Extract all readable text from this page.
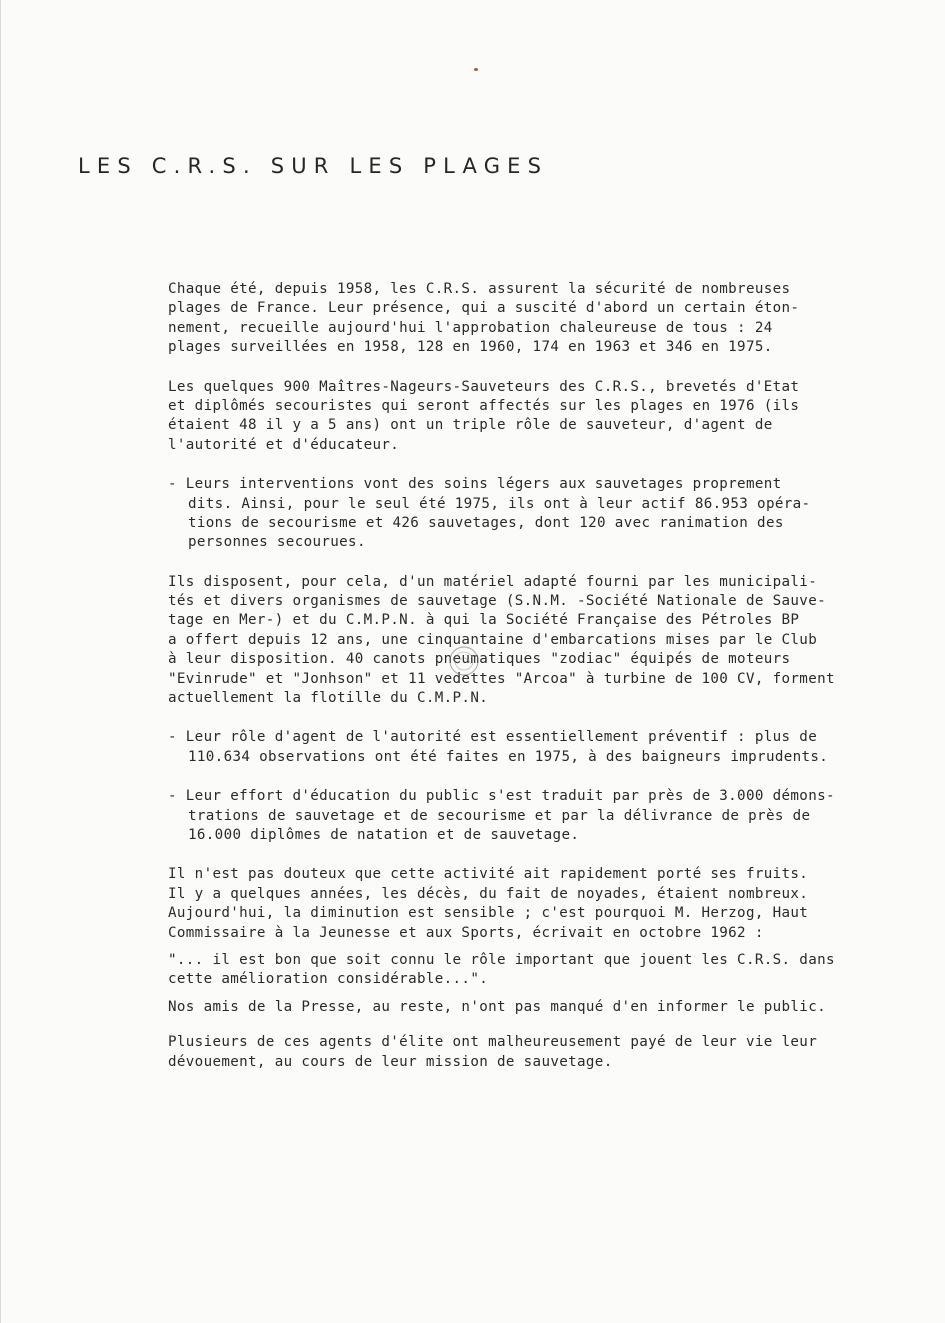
LES C.R.S. SUR LES PLAGES
Chaque été, depuis 1958, les C.R.S. assurent la sécurité de nombreuses
plages de France. Leur présence, qui a suscité d'abord un certain éton-
nement, recueille aujourd'hui l'approbation chaleureuse de tous : 24
plages surveillées en 1958, 128 en 1960, 174 en 1963 et 346 en 1975.
Les quelques 900 Maîtres-Nageurs-Sauveteurs des C.R.S., brevetés d'Etat
et diplômés secouristes qui seront affectés sur les plages en 1976 (ils
étaient 48 il y a 5 ans) ont un triple rôle de sauveteur, d'agent de
l'autorité et d'éducateur.
- Leurs interventions vont des soins légers aux sauvetages proprement
dits. Ainsi, pour le seul été 1975, ils ont à leur actif 86.953 opéra-
tions de secourisme et 426 sauvetages, dont 120 avec ranimation des
personnes secourues.
Ils disposent, pour cela, d'un matériel adapté fourni par les municipali-
tés et divers organismes de sauvetage (S.N.M. -Société Nationale de Sauve-
tage en Mer-) et du C.M.P.N. à qui la Société Française des Pétroles BP
a offert depuis 12 ans, une cinquantaine d'embarcations mises par le Club
à leur disposition. 40 canots pneumatiques "zodiac" équipés de moteurs
"Evinrude" et "Jonhson" et 11 vedettes "Arcoa" à turbine de 100 CV, forment
actuellement la flotille du C.M.P.N.
- Leur rôle d'agent de l'autorité est essentiellement préventif : plus de
110.634 observations ont été faites en 1975, à des baigneurs imprudents.
- Leur effort d'éducation du public s'est traduit par près de 3.000 démons-
trations de sauvetage et de secourisme et par la délivrance de près de
16.000 diplômes de natation et de sauvetage.
Il n'est pas douteux que cette activité ait rapidement porté ses fruits.
Il y a quelques années, les décès, du fait de noyades, étaient nombreux.
Aujourd'hui, la diminution est sensible ; c'est pourquoi M. Herzog, Haut
Commissaire à la Jeunesse et aux Sports, écrivait en octobre 1962 :
"... il est bon que soit connu le rôle important que jouent les C.R.S. dans
cette amélioration considérable...".
Nos amis de la Presse, au reste, n'ont pas manqué d'en informer le public.
Plusieurs de ces agents d'élite ont malheureusement payé de leur vie leur
dévouement, au cours de leur mission de sauvetage.
